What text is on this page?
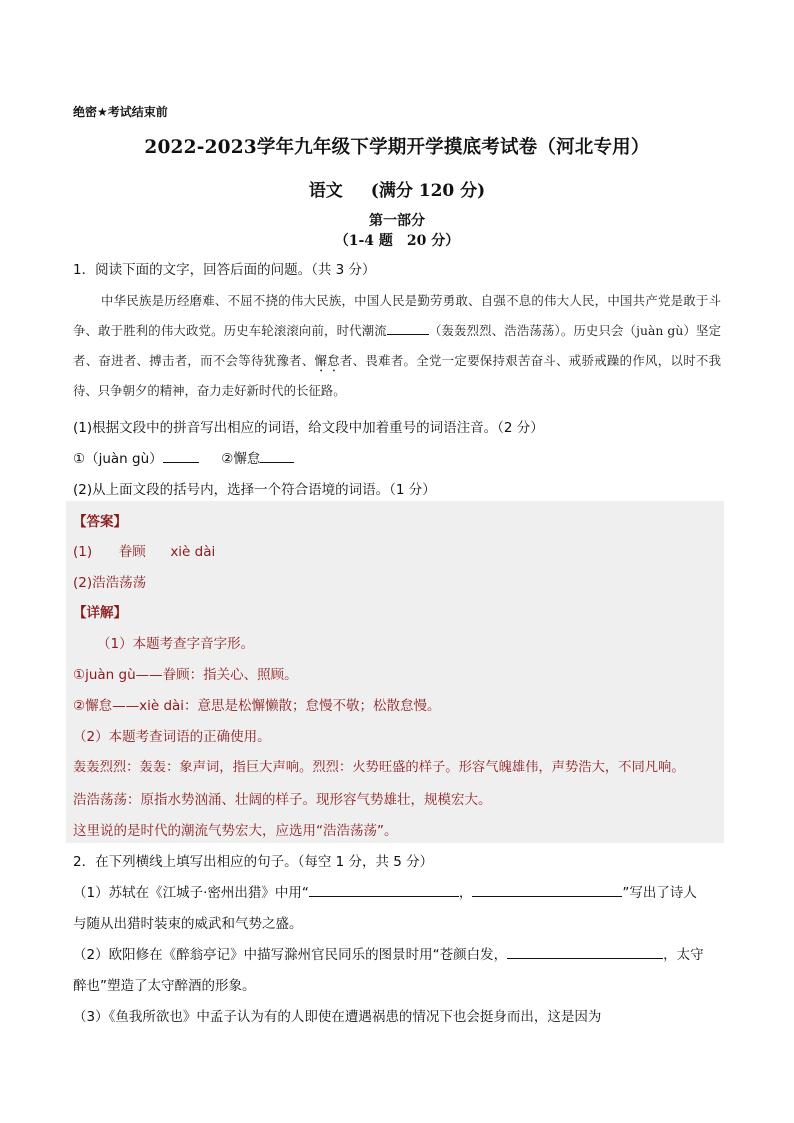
绝密★考试结束前
2022-2023学年九年级下学期开学摸底考试卷（河北专用）
语文 (满分 120 分)
第一部分
（1-4 题　20 分）
1．阅读下面的文字，回答后面的问题。（共 3 分）
中华民族是历经磨难、不屈不挠的伟大民族，中国人民是勤劳勇敢、自强不息的伟大人民，中国共产党是敢于斗争、敢于胜利的伟大政党。历史车轮滚滚向前，时代潮流	（轰轰烈烈、浩浩荡荡）。历史只会（juàn gù）坚定者、奋进者、搏击者，而不会等待犹豫者、懈怠者、畏难者。全党一定要保持艰苦奋斗、戒骄戒躁的作风，以时不我待、只争朝夕的精神，奋力走好新时代的长征路。
(1)根据文段中的拼音写出相应的词语，给文段中加着重号的词语注音。（2 分）
①（juàn gù）	②懈怠
(2)从上面文段的括号内，选择一个符合语境的词语。（1 分）
【答案】
(1) 眷顾 xiè dài
(2)浩浩荡荡
【详解】
（1）本题考查字音字形。
①juàn gù——眷顾：指关心、照顾。
②懈怠——xiè dài：意思是松懈懒散；怠慢不敬；松散怠慢。
（2）本题考查词语的正确使用。
轰轰烈烈：轰轰：象声词，指巨大声响。烈烈：火势旺盛的样子。形容气魄雄伟，声势浩大，不同凡响。
浩浩荡荡：原指水势汹涌、壮阔的样子。现形容气势雄壮，规模宏大。
这里说的是时代的潮流气势宏大，应选用“浩浩荡荡”。
2．在下列横线上填写出相应的句子。（每空 1 分，共 5 分）
（1）苏轼在《江城子·密州出猎》中用“	，	”写出了诗人
与随从出猎时装束的威武和气势之盛。
（2）欧阳修在《醉翁亭记》中描写滁州官民同乐的图景时用“苍颜白发，	，太守
醉也”塑造了太守醉酒的形象。
（3）《鱼我所欲也》中孟子认为有的人即使在遭遇祸患的情况下也会挺身而出，这是因为
